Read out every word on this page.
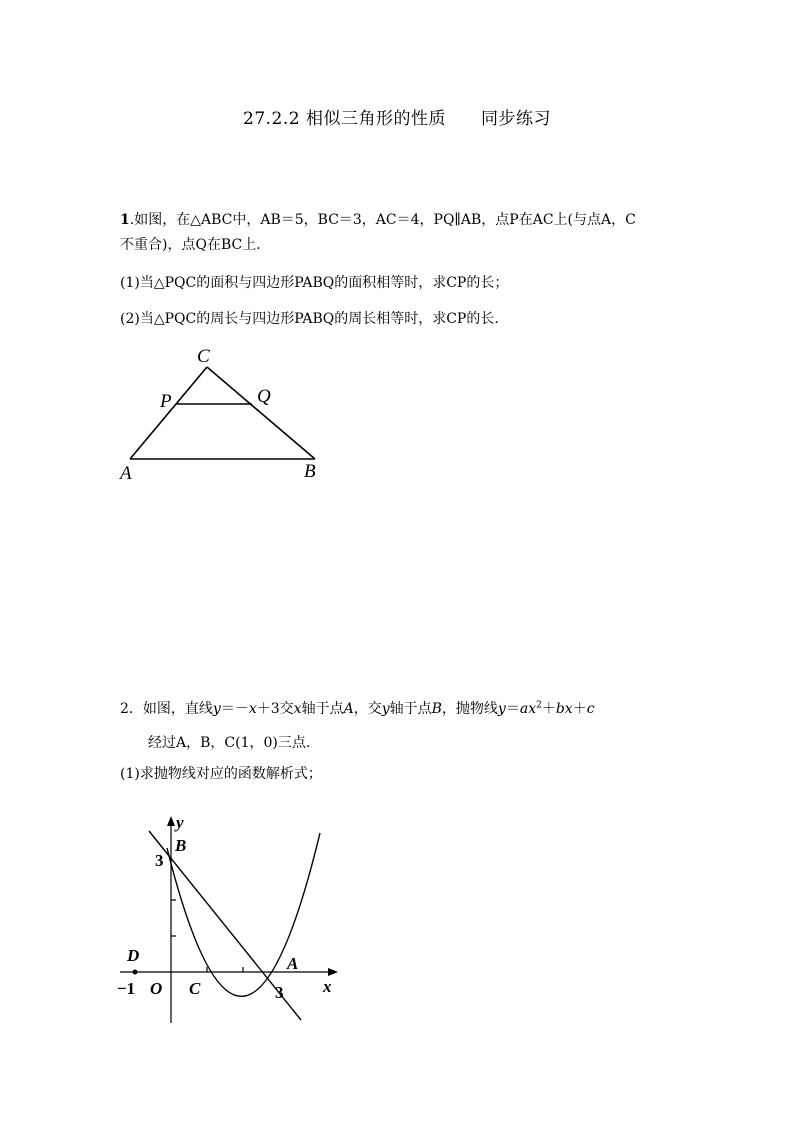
27.2.2 相似三角形的性质　　同步练习
1.如图，在△ABC中，AB＝5，BC＝3，AC＝4，PQ∥AB，点P在AC上(与点A，C
不重合)，点Q在BC上.
(1)当△PQC的面积与四边形PABQ的面积相等时，求CP的长；
(2)当△PQC的周长与四边形PABQ的周长相等时，求CP的长.
C
P	Q
A	B
2．如图，直线y＝－x＋3交x轴于点A，交y轴于点B，抛物线$y=ax^2+bx+c$
经过A，B，C(1，0)三点.
(1)求抛物线对应的函数解析式；
y
B
3
D
−1 O C	3
A
x
